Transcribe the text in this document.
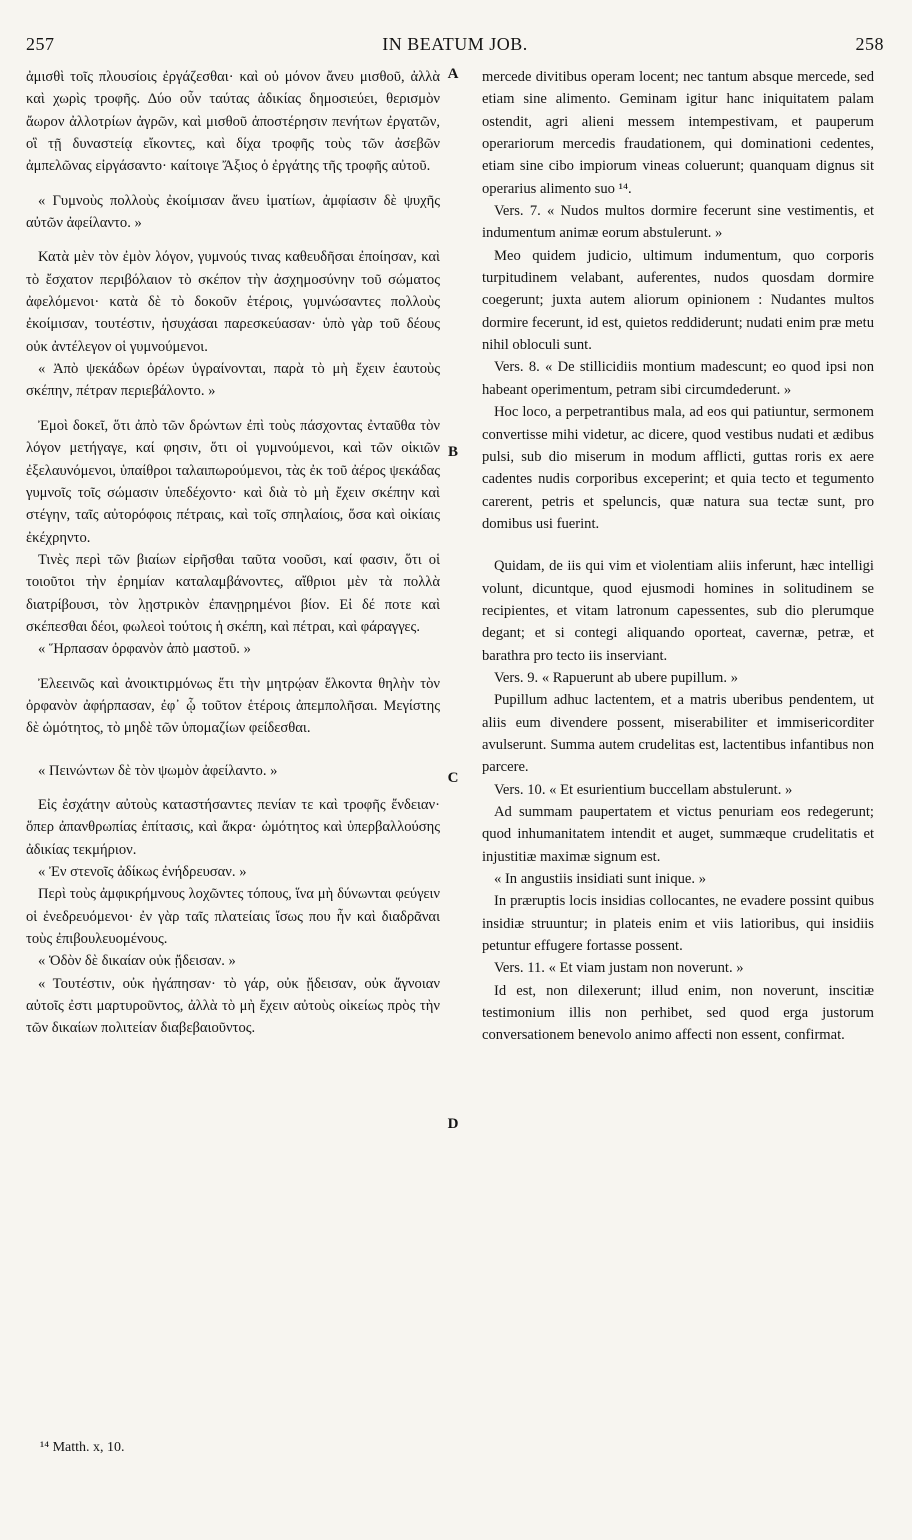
257	IN BEATUM JOB.	258

ἀμισθὶ τοῖς πλουσίοις ἐργάζεσθαι· καὶ οὐ μόνον ἄνευ μισθοῦ, ἀλλὰ καὶ χωρὶς τροφῆς. Δύο οὖν ταύτας ἀδικίας δημοσιεύει, θερισμὸν ἄωρον ἀλλοτρίων ἀγρῶν, καὶ μισθοῦ ἀποστέρησιν πενήτων ἐργατῶν, οἳ τῇ δυναστείᾳ εἴκοντες, καὶ δίχα τροφῆς τοὺς τῶν ἀσεβῶν ἀμπελῶνας εἰργάσαντο· καίτοιγε Ἄξιος ὁ ἐργάτης τῆς τροφῆς αὐτοῦ.

« Γυμνοὺς πολλοὺς ἐκοίμισαν ἄνευ ἱματίων, ἀμφίασιν δὲ ψυχῆς αὐτῶν ἀφείλαντο. »

Κατὰ μὲν τὸν ἐμὸν λόγον, γυμνούς τινας καθευδῆσαι ἐποίησαν, καὶ τὸ ἔσχατον περιβόλαιον τὸ σκέπον τὴν ἀσχημοσύνην τοῦ σώματος ἀφελόμενοι· κατὰ δὲ τὸ δοκοῦν ἑτέροις, γυμνώσαντες πολλοὺς ἐκοίμισαν, τουτέστιν, ἡσυχάσαι παρεσκεύασαν· ὑπὸ γὰρ τοῦ δέους οὐκ ἀντέλεγον οἱ γυμνούμενοι.

« Ἀπὸ ψεκάδων ὀρέων ὑγραίνονται, παρὰ τὸ μὴ ἔχειν ἑαυτοὺς σκέπην, πέτραν περιεβάλοντο. »

Ἐμοὶ δοκεῖ, ὅτι ἀπὸ τῶν δρώντων ἐπὶ τοὺς πάσχοντας ἐνταῦθα τὸν λόγον μετήγαγε, καί φησιν, ὅτι οἱ γυμνούμενοι, καὶ τῶν οἰκιῶν ἐξελαυνόμενοι, ὑπαίθροι ταλαιπωρούμενοι, τὰς ἐκ τοῦ ἀέρος ψεκάδας γυμνοῖς τοῖς σώμασιν ὑπεδέχοντο· καὶ διὰ τὸ μὴ ἔχειν σκέπην καὶ στέγην, ταῖς αὐτορόφοις πέτραις, καὶ τοῖς σπηλαίοις, ὅσα καὶ οἰκίαις ἐκέχρηντο.

Τινὲς περὶ τῶν βιαίων εἰρῆσθαι ταῦτα νοοῦσι, καί φασιν, ὅτι οἱ τοιοῦτοι τὴν ἐρημίαν καταλαμβάνοντες, αἴθριοι μὲν τὰ πολλὰ διατρίβουσι, τὸν λῃστρικὸν ἐπανῃρημένοι βίον. Εἰ δέ ποτε καὶ σκέπεσθαι δέοι, φωλεοὶ τούτοις ἡ σκέπη, καὶ πέτραι, καὶ φάραγγες.

« Ἥρπασαν ὀρφανὸν ἀπὸ μαστοῦ. »

Ἐλεεινῶς καὶ ἀνοικτιρμόνως ἔτι τὴν μητρῴαν ἕλκοντα θηλὴν τὸν ὀρφανὸν ἀφήρπασαν, ἐφ᾽ ᾧ τοῦτον ἑτέροις ἀπεμπολῆσαι. Μεγίστης δὲ ὠμότητος, τὸ μηδὲ τῶν ὑπομαζίων φείδεσθαι.

« Πεινώντων δὲ τὸν ψωμὸν ἀφείλαντο. »

Εἰς ἐσχάτην αὐτοὺς καταστήσαντες πενίαν τε καὶ τροφῆς ἔνδειαν· ὅπερ ἀπανθρωπίας ἐπίτασις, καὶ ἄκρα· ὠμότητος καὶ ὑπερβαλλούσης ἀδικίας τεκμήριον.

« Ἐν στενοῖς ἀδίκως ἐνήδρευσαν. »

Περὶ τοὺς ἀμφικρήμνους λοχῶντες τόπους, ἵνα μὴ δύνωνται φεύγειν οἱ ἐνεδρευόμενοι· ἐν γὰρ ταῖς πλατείαις ἴσως που ἦν καὶ διαδρᾶναι τοὺς ἐπιβουλευομένους.

« Ὁδὸν δὲ δικαίαν οὐκ ᾔδεισαν. »

« Τουτέστιν, οὐκ ἠγάπησαν· τὸ γάρ, οὐκ ᾔδεισαν, οὐκ ἄγνοιαν αὐτοῖς ἐστι μαρτυροῦντος, ἀλλὰ τὸ μὴ ἔχειν αὐτοὺς οἰκείως πρὸς τὴν τῶν δικαίων πολιτείαν διαβεβαιοῦντος.

A
B
C
D

mercede divitibus operam locent; nec tantum absque mercede, sed etiam sine alimento. Geminam igitur hanc iniquitatem palam ostendit, agri alieni messem intempestivam, et pauperum operariorum mercedis fraudationem, qui dominationi cedentes, etiam sine cibo impiorum vineas coluerunt; quanquam dignus sit operarius alimento suo ¹⁴.

Vers. 7. « Nudos multos dormire fecerunt sine vestimentis, et indumentum animæ eorum abstulerunt. »

Meo quidem judicio, ultimum indumentum, quo corporis turpitudinem velabant, auferentes, nudos quosdam dormire coegerunt; juxta autem aliorum opinionem : Nudantes multos dormire fecerunt, id est, quietos reddiderunt; nudati enim præ metu nihil obloculi sunt.

Vers. 8. « De stillicidiis montium madescunt; eo quod ipsi non habeant operimentum, petram sibi circumdederunt. »

Hoc loco, a perpetrantibus mala, ad eos qui patiuntur, sermonem convertisse mihi videtur, ac dicere, quod vestibus nudati et ædibus pulsi, sub dio miserum in modum afflicti, guttas roris ex aere cadentes nudis corporibus exceperint; et quia tecto et tegumento carerent, petris et speluncis, quæ natura sua tectæ sunt, pro domibus usi fuerint.

Quidam, de iis qui vim et violentiam aliis inferunt, hæc intelligi volunt, dicuntque, quod ejusmodi homines in solitudinem se recipientes, et vitam latronum capessentes, sub dio plerumque degant; et si contegi aliquando oporteat, cavernæ, petræ, et barathra pro tecto iis inserviant.

Vers. 9. « Rapuerunt ab ubere pupillum. »

Pupillum adhuc lactentem, et a matris uberibus pendentem, ut aliis eum divendere possent, miserabiliter et immisericorditer avulserunt. Summa autem crudelitas est, lactentibus infantibus non parcere.

Vers. 10. « Et esurientium buccellam abstulerunt. »

Ad summam paupertatem et victus penuriam eos redegerunt; quod inhumanitatem intendit et auget, summæque crudelitatis et injustitiæ maximæ signum est.

« In angustiis insidiati sunt inique. »

In præruptis locis insidias collocantes, ne evadere possint quibus insidiæ struuntur; in plateis enim et viis latioribus, qui insidiis petuntur effugere fortasse possent.

Vers. 11. « Et viam justam non noverunt. »

Id est, non dilexerunt; illud enim, non noverunt, inscitiæ testimonium illis non perhibet, sed quod erga justorum conversationem benevolo animo affecti non essent, confirmat.

¹⁴ Matth. x, 10.
